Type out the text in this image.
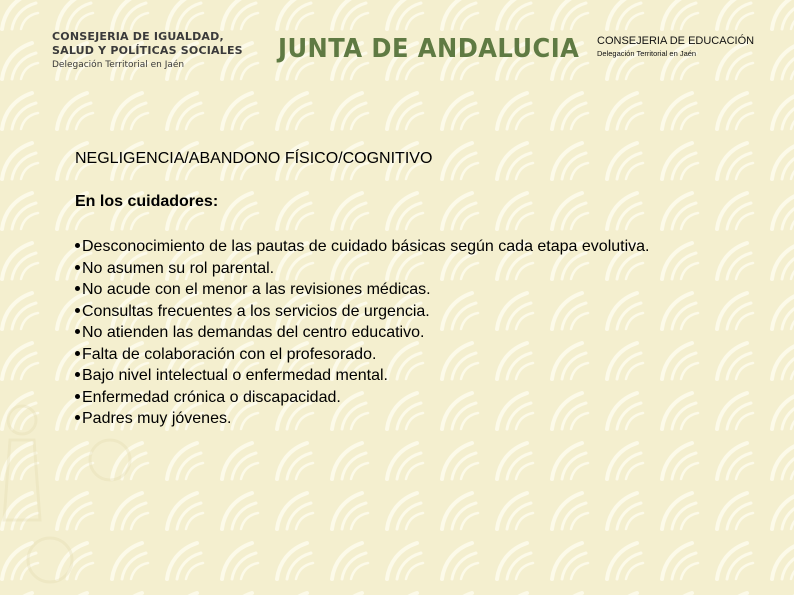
CONSEJERIA DE IGUALDAD,
SALUD Y POLÍTICAS SOCIALES
Delegación Territorial en Jaén
JUNTA DE ANDALUCIA CONSEJERIA DE EDUCACIÓN
Delegación Territorial en Jaén
NEGLIGENCIA/ABANDONO FÍSICO/COGNITIVO
En los cuidadores:
Desconocimiento de las pautas de cuidado básicas según cada etapa evolutiva.
No asumen su rol parental.
No acude con el menor a las revisiones médicas.
Consultas frecuentes a los servicios de urgencia.
No atienden las demandas del centro educativo.
Falta de colaboración con el profesorado.
Bajo nivel intelectual o enfermedad mental.
Enfermedad crónica o discapacidad.
Padres muy jóvenes.
